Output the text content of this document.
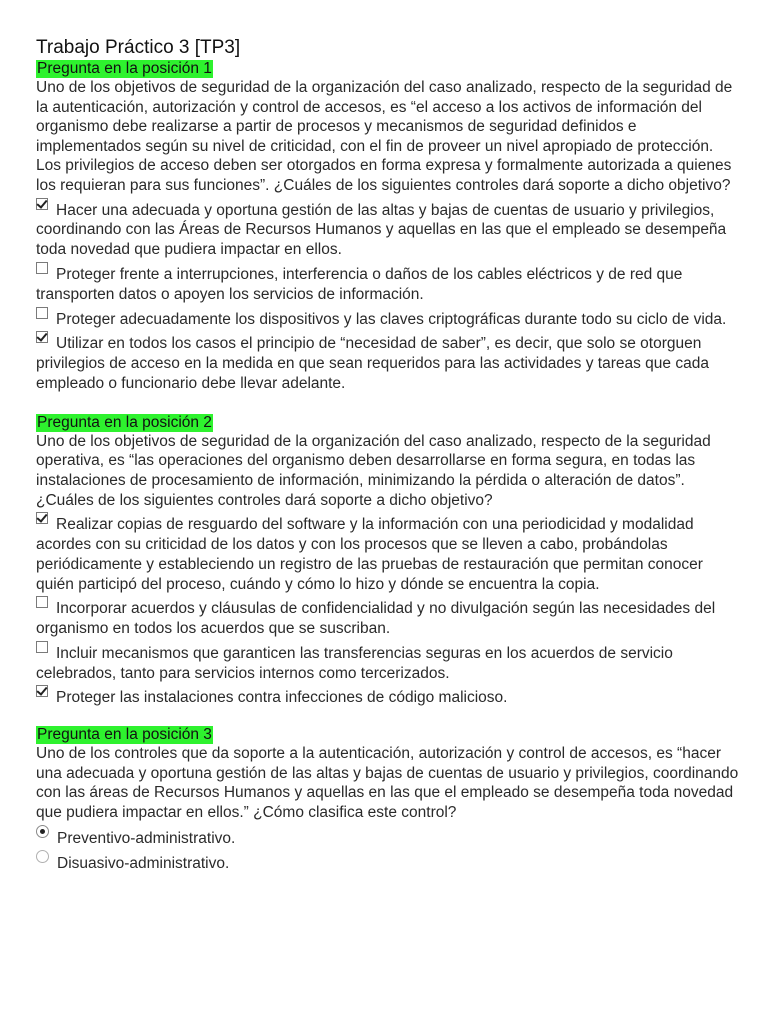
Trabajo Práctico 3 [TP3]
Pregunta en la posición 1

Uno de los objetivos de seguridad de la organización del caso analizado, respecto de la seguridad de la autenticación, autorización y control de accesos, es “el acceso a los activos de información del organismo debe realizarse a partir de procesos y mecanismos de seguridad definidos e implementados según su nivel de criticidad, con el fin de proveer un nivel apropiado de protección. Los privilegios de acceso deben ser otorgados en forma expresa y formalmente autorizada a quienes los requieran para sus funciones”. ¿Cuáles de los siguientes controles dará soporte a dicho objetivo?

Hacer una adecuada y oportuna gestión de las altas y bajas de cuentas de usuario y privilegios, coordinando con las Áreas de Recursos Humanos y aquellas en las que el empleado se desempeña toda novedad que pudiera impactar en ellos.
Proteger frente a interrupciones, interferencia o daños de los cables eléctricos y de red que transporten datos o apoyen los servicios de información.
Proteger adecuadamente los dispositivos y las claves criptográficas durante todo su ciclo de vida.
Utilizar en todos los casos el principio de “necesidad de saber”, es decir, que solo se otorguen privilegios de acceso en la medida en que sean requeridos para las actividades y tareas que cada empleado o funcionario debe llevar adelante.
Pregunta en la posición 2

Uno de los objetivos de seguridad de la organización del caso analizado, respecto de la seguridad operativa, es “las operaciones del organismo deben desarrollarse en forma segura, en todas las instalaciones de procesamiento de información, minimizando la pérdida o alteración de datos”. ¿Cuáles de los siguientes controles dará soporte a dicho objetivo?

Realizar copias de resguardo del software y la información con una periodicidad y modalidad acordes con su criticidad de los datos y con los procesos que se lleven a cabo, probándolas periódicamente y estableciendo un registro de las pruebas de restauración que permitan conocer quién participó del proceso, cuándo y cómo lo hizo y dónde se encuentra la copia.
Incorporar acuerdos y cláusulas de confidencialidad y no divulgación según las necesidades del organismo en todos los acuerdos que se suscriban.
Incluir mecanismos que garanticen las transferencias seguras en los acuerdos de servicio celebrados, tanto para servicios internos como tercerizados.
Proteger las instalaciones contra infecciones de código malicioso.
Pregunta en la posición 3

Uno de los controles que da soporte a la autenticación, autorización y control de accesos, es “hacer una adecuada y oportuna gestión de las altas y bajas de cuentas de usuario y privilegios, coordinando con las áreas de Recursos Humanos y aquellas en las que el empleado se desempeña toda novedad que pudiera impactar en ellos.” ¿Cómo clasifica este control?

Preventivo-administrativo.
Disuasivo-administrativo.
